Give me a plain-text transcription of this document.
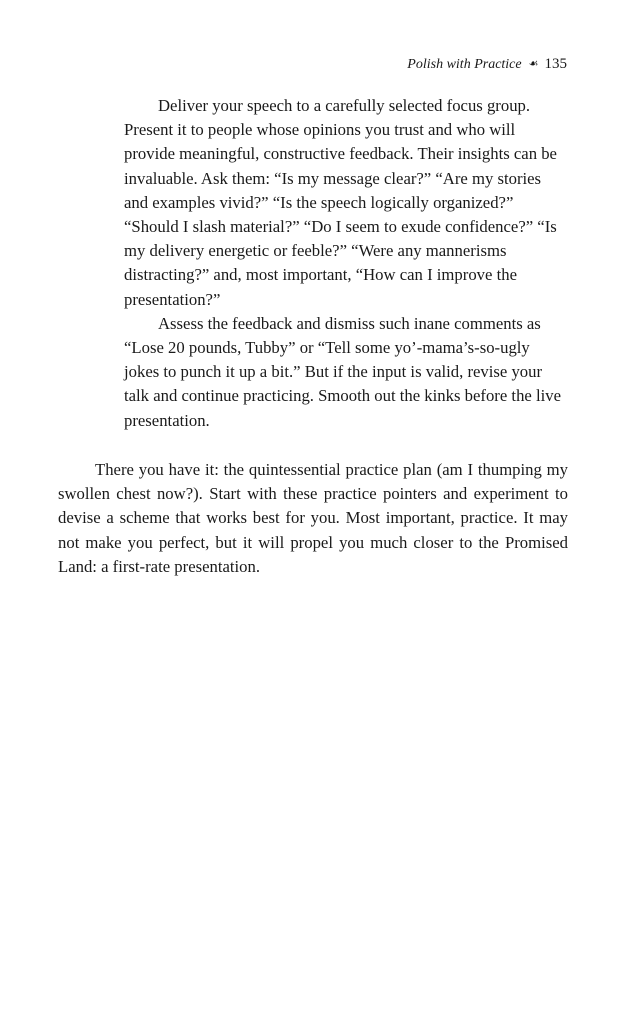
Polish with Practice ☙ 135

Deliver your speech to a carefully selected focus group. Present it to people whose opinions you trust and who will provide meaningful, constructive feedback. Their insights can be invaluable. Ask them: “Is my message clear?” “Are my stories and examples vivid?” “Is the speech logically organized?” “Should I slash material?” “Do I seem to exude confidence?” “Is my delivery energetic or feeble?” “Were any mannerisms distracting?” and, most important, “How can I improve the presentation?”

Assess the feedback and dismiss such inane comments as “Lose 20 pounds, Tubby” or “Tell some yo’-mama’s-so-ugly jokes to punch it up a bit.” But if the input is valid, revise your talk and continue practicing. Smooth out the kinks before the live presentation.

There you have it: the quintessential practice plan (am I thumping my swollen chest now?). Start with these practice pointers and experiment to devise a scheme that works best for you. Most important, practice. It may not make you perfect, but it will propel you much closer to the Promised Land: a first-rate presentation.
